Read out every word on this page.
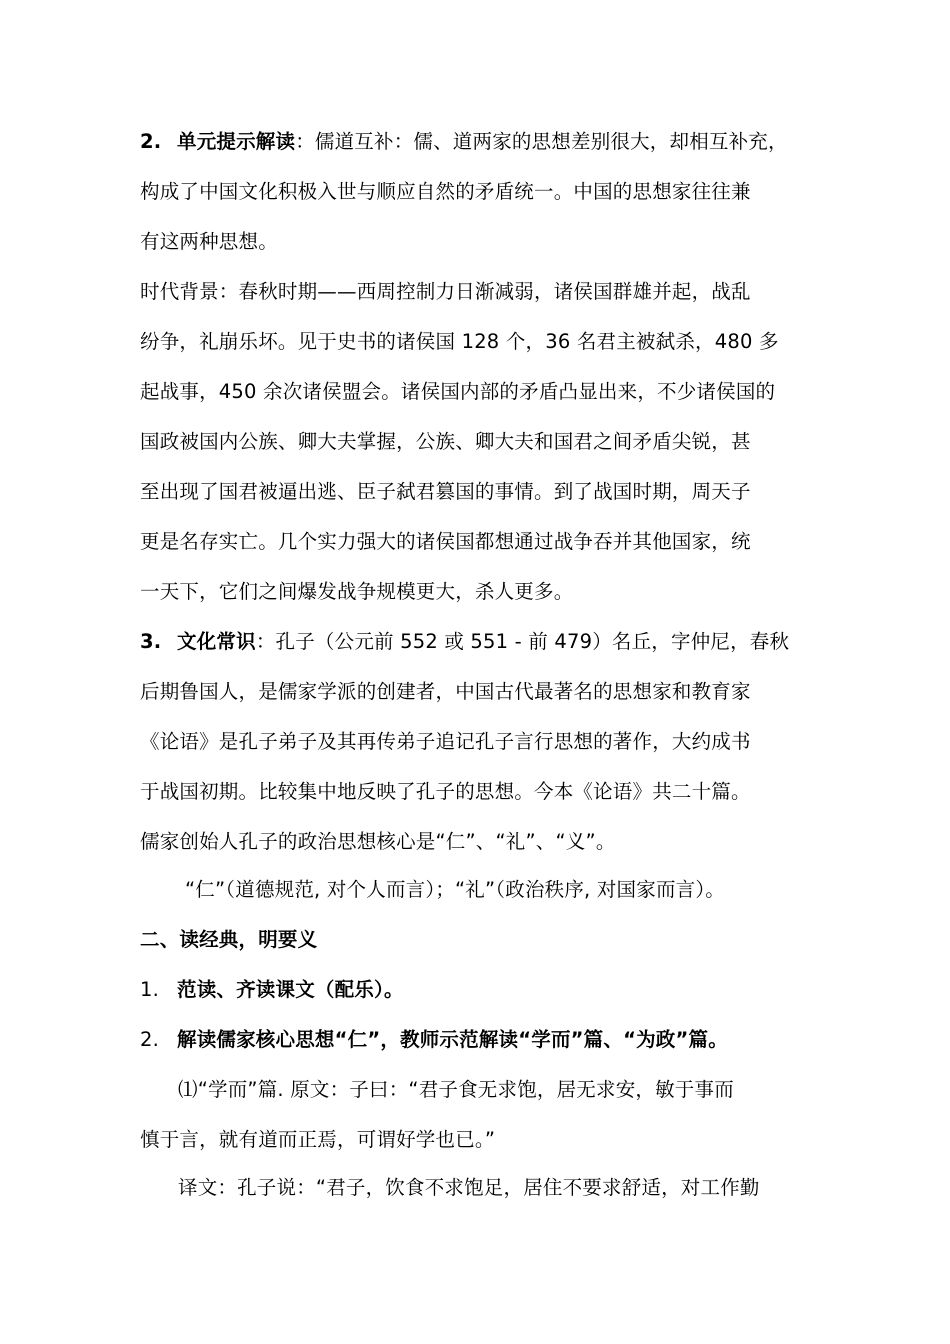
2. 单元提示解读：儒道互补：儒、道两家的思想差别很大，却相互补充，
构成了中国文化积极入世与顺应自然的矛盾统一。中国的思想家往往兼
有这两种思想。
时代背景：春秋时期——西周控制力日渐减弱，诸侯国群雄并起，战乱
纷争，礼崩乐坏。见于史书的诸侯国 128 个，36 名君主被弑杀，480 多
起战事，450 余次诸侯盟会。诸侯国内部的矛盾凸显出来，不少诸侯国的
国政被国内公族、卿大夫掌握，公族、卿大夫和国君之间矛盾尖锐，甚
至出现了国君被逼出逃、臣子弑君篡国的事情。到了战国时期，周天子
更是名存实亡。几个实力强大的诸侯国都想通过战争吞并其他国家，统
一天下，它们之间爆发战争规模更大，杀人更多。
3. 文化常识：孔子（公元前 552 或 551 - 前 479）名丘，字仲尼，春秋
后期鲁国人，是儒家学派的创建者，中国古代最著名的思想家和教育家
《论语》是孔子弟子及其再传弟子追记孔子言行思想的著作，大约成书
于战国初期。比较集中地反映了孔子的思想。今本《论语》共二十篇。
儒家创始人孔子的政治思想核心是“仁”、“礼”、“义”。
“仁”（道德规范, 对个人而言）；“礼”（政治秩序, 对国家而言）。
二、读经典，明要义
1. 范读、齐读课文（配乐）。
2. 解读儒家核心思想“仁”，教师示范解读“学而”篇、“为政”篇。
⑴“学而”篇. 原文：子曰：“君子食无求饱，居无求安，敏于事而
慎于言，就有道而正焉，可谓好学也已。”
译文：孔子说：“君子，饮食不求饱足，居住不要求舒适，对工作勤
